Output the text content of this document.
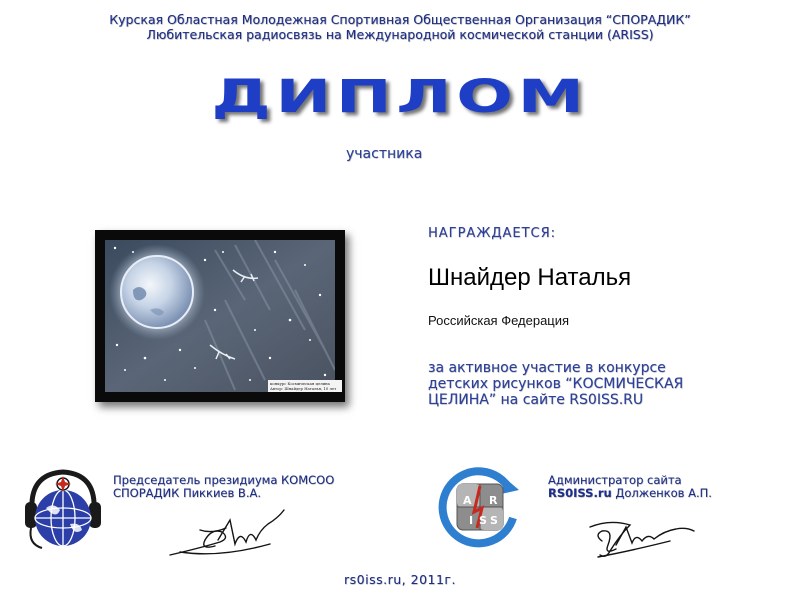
Курская Областная Молодежная Спортивная Общественная Организация “СПОРАДИК”
Любительская радиосвязь на Международной космической станции (ARISS)
ДИПЛОМ
участника
конкурс Космическая целина
Автор: Шнайдер Наталья, 10 лет
НАГРАЖДАЕТСЯ:
Шнайдер Наталья
Российская Федерация
за активное участие в конкурсе
детских рисунков “КОСМИЧЕСКАЯ
ЦЕЛИНА” на сайте RS0ISS.RU
Председатель президиума КОМСОО
СПОРАДИК Пиккиев В.А.
A R
I S S
Администратор сайта
RS0ISS.ru Долженков А.П.
rs0iss.ru, 2011г.
